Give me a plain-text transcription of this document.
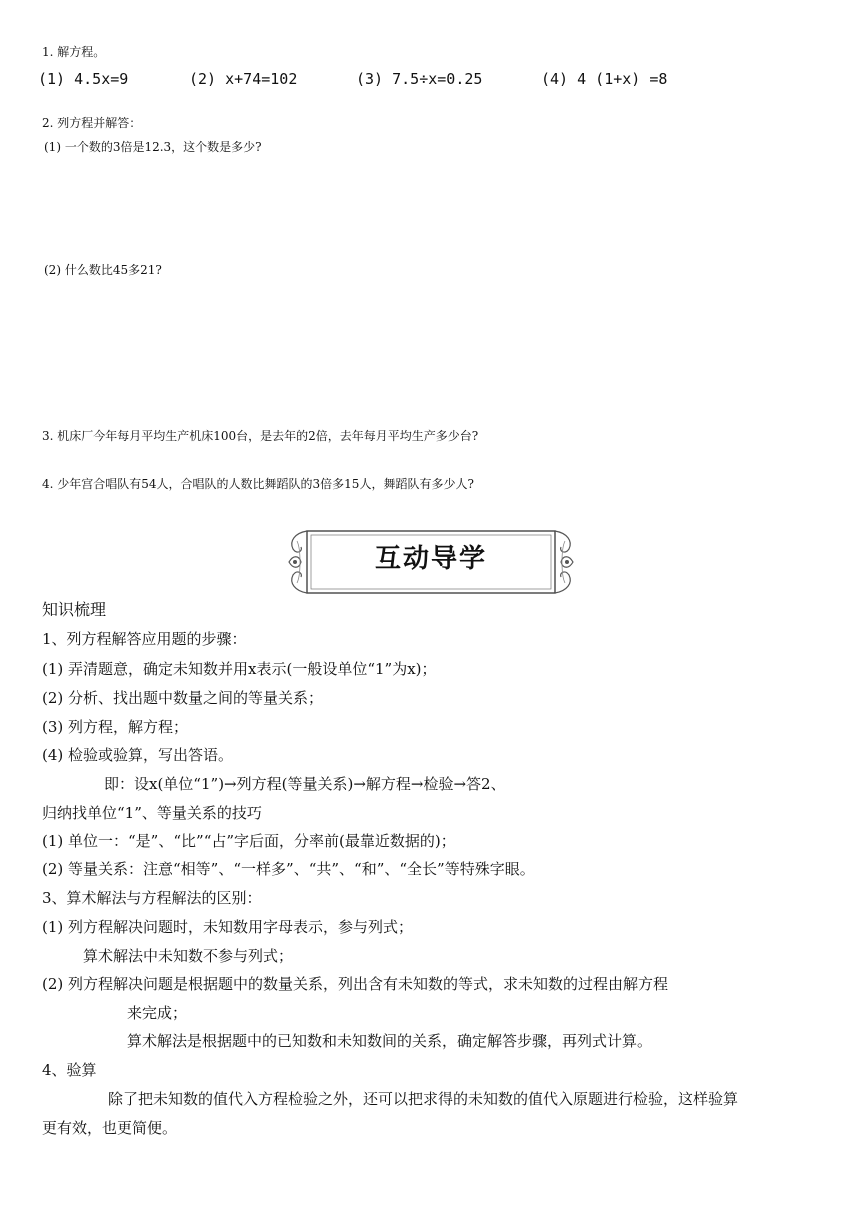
1. 解方程。
(1) 4.5x=9	(2) x+74=102	(3) 7.5÷x=0.25	(4) 4 (1+x) =8
2. 列方程并解答：
(1) 一个数的3倍是12.3，这个数是多少?
(2) 什么数比45多21?
3. 机床厂今年每月平均生产机床100台，是去年的2倍，去年每月平均生产多少台?
4. 少年宫合唱队有54人，合唱队的人数比舞蹈队的3倍多15人，舞蹈队有多少人?
互动导学
知识梳理
1、列方程解答应用题的步骤：
(1) 弄清题意，确定未知数并用x表示(一般设单位“1”为x)；
(2) 分析、找出题中数量之间的等量关系；
(3) 列方程，解方程；
(4) 检验或验算，写出答语。
即：设x(单位“1”)→列方程(等量关系)→解方程→检验→答2、
归纳找单位“1”、等量关系的技巧
(1) 单位一：“是”、“比”“占”字后面，分率前(最靠近数据的)；
(2) 等量关系：注意“相等”、“一样多”、“共”、“和”、“全长”等特殊字眼。
3、算术解法与方程解法的区别：
(1) 列方程解决问题时，未知数用字母表示，参与列式；
算术解法中未知数不参与列式；
(2) 列方程解决问题是根据题中的数量关系，列出含有未知数的等式，求未知数的过程由解方程
来完成；
算术解法是根据题中的已知数和未知数间的关系，确定解答步骤，再列式计算。
4、验算
除了把未知数的值代入方程检验之外，还可以把求得的未知数的值代入原题进行检验，这样验算
更有效，也更简便。
